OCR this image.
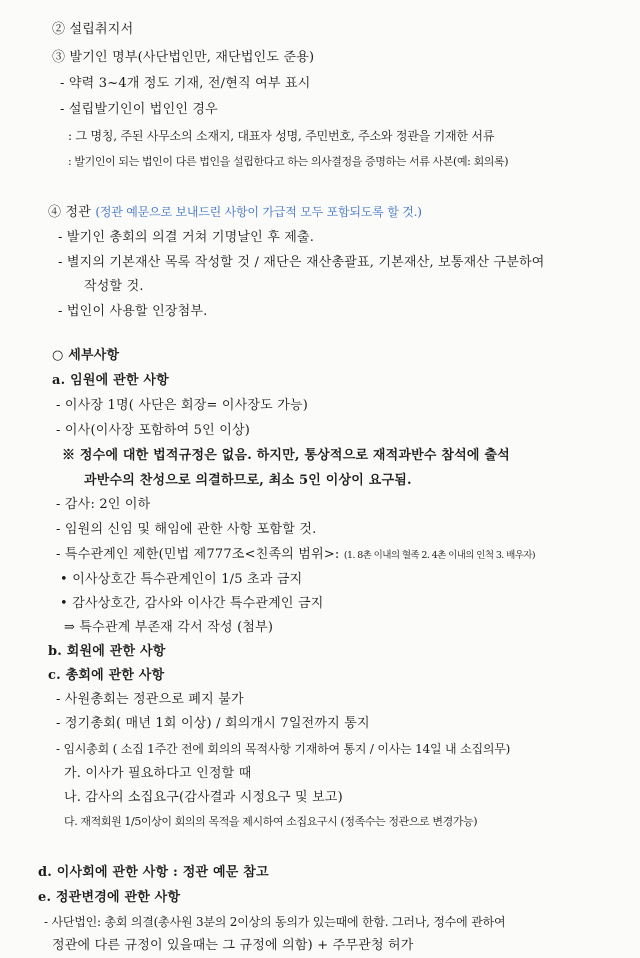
② 설립취지서
③ 발기인 명부(사단법인만, 재단법인도 준용)
- 약력 3~4개 정도 기재, 전/현직 여부 표시
- 설립발기인이 법인인 경우
: 그 명칭, 주된 사무소의 소재지, 대표자 성명, 주민번호, 주소와 정관을 기재한 서류
: 발기인이 되는 법인이 다른 법인을 설립한다고 하는 의사결정을 증명하는 서류 사본(예: 회의록)
④ 정관 (정관 예문으로 보내드린 사항이 가급적 모두 포함되도록 할 것.)
- 발기인 총회의 의결 거쳐 기명날인 후 제출.
- 별지의 기본재산 목록 작성할 것 / 재단은 재산총괄표, 기본재산, 보통재산 구분하여
작성할 것.
- 법인이 사용할 인장첨부.
○ 세부사항
a. 임원에 관한 사항
- 이사장 1명( 사단은 회장= 이사장도 가능)
- 이사(이사장 포함하여 5인 이상)
※ 정수에 대한 법적규정은 없음. 하지만, 통상적으로 재적과반수 참석에 출석
과반수의 찬성으로 의결하므로, 최소 5인 이상이 요구됨.
- 감사: 2인 이하
- 임원의 신임 및 해임에 관한 사항 포함할 것.
- 특수관계인 제한(민법 제777조<친족의 범위>: (1. 8촌 이내의 혈족 2. 4촌 이내의 인척 3. 배우자)
• 이사상호간 특수관계인이 1/5 초과 금지
• 감사상호간, 감사와 이사간 특수관계인 금지
⇒ 특수관계 부존재 각서 작성 (첨부)
b. 회원에 관한 사항
c. 총회에 관한 사항
- 사원총회는 정관으로 폐지 불가
- 정기총회( 매년 1회 이상) / 회의개시 7일전까지 통지
- 임시총회 ( 소집 1주간 전에 회의의 목적사항 기재하여 통지 / 이사는 14일 내 소집의무)
가. 이사가 필요하다고 인정할 때
나. 감사의 소집요구(감사결과 시정요구 및 보고)
다. 재적회원 1/5이상이 회의의 목적을 제시하여 소집요구시 (정족수는 정관으로 변경가능)
d. 이사회에 관한 사항 : 정관 예문 참고
e. 정관변경에 관한 사항
- 사단법인: 총회 의결(총사원 3분의 2이상의 동의가 있는때에 한함. 그러나, 정수에 관하여
정관에 다른 규정이 있을때는 그 규정에 의함) + 주무관청 허가
